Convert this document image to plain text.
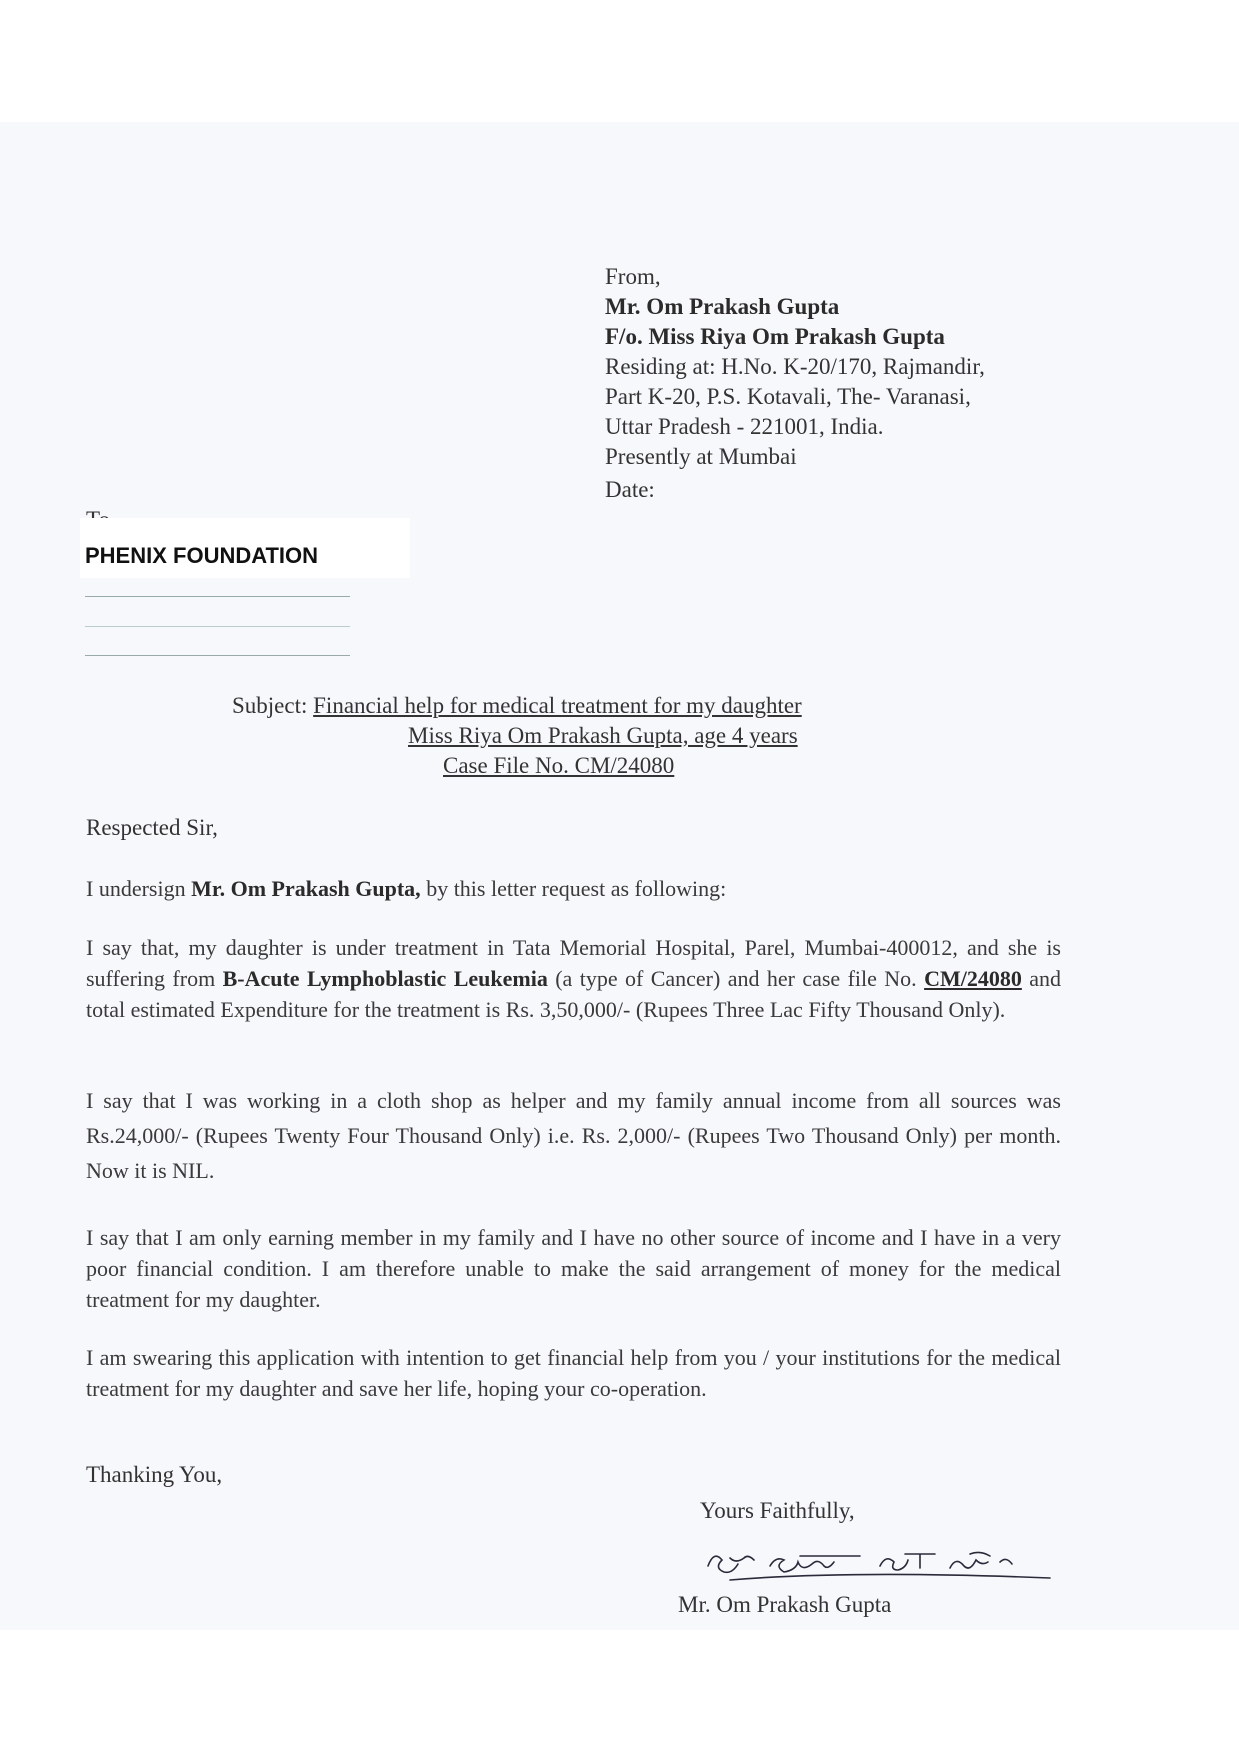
From,
Mr. Om Prakash Gupta
F/o. Miss Riya Om Prakash Gupta
Residing at: H.No. K-20/170, Rajmandir,
Part K-20, P.S. Kotavali, The- Varanasi,
Uttar Pradesh - 221001, India.
Presently at Mumbai
Date:
PHENIX FOUNDATION
Subject: Financial help for medical treatment for my daughter
Miss Riya Om Prakash Gupta, age 4 years
Case File No. CM/24080
Respected Sir,
I undersign Mr. Om Prakash Gupta, by this letter request as following:
I say that, my daughter is under treatment in Tata Memorial Hospital, Parel, Mumbai-400012, and she is suffering from B-Acute Lymphoblastic Leukemia (a type of Cancer) and her case file No. CM/24080 and total estimated Expenditure for the treatment is Rs. 3,50,000/- (Rupees Three Lac Fifty Thousand Only).
I say that I was working in a cloth shop as helper and my family annual income from all sources was Rs.24,000/- (Rupees Twenty Four Thousand Only) i.e. Rs. 2,000/- (Rupees Two Thousand Only) per month. Now it is NIL.
I say that I am only earning member in my family and I have no other source of income and I have in a very poor financial condition. I am therefore unable to make the said arrangement of money for the medical treatment for my daughter.
I am swearing this application with intention to get financial help from you / your institutions for the medical treatment for my daughter and save her life, hoping your co-operation.
Thanking You,
Yours Faithfully,
Mr. Om Prakash Gupta
